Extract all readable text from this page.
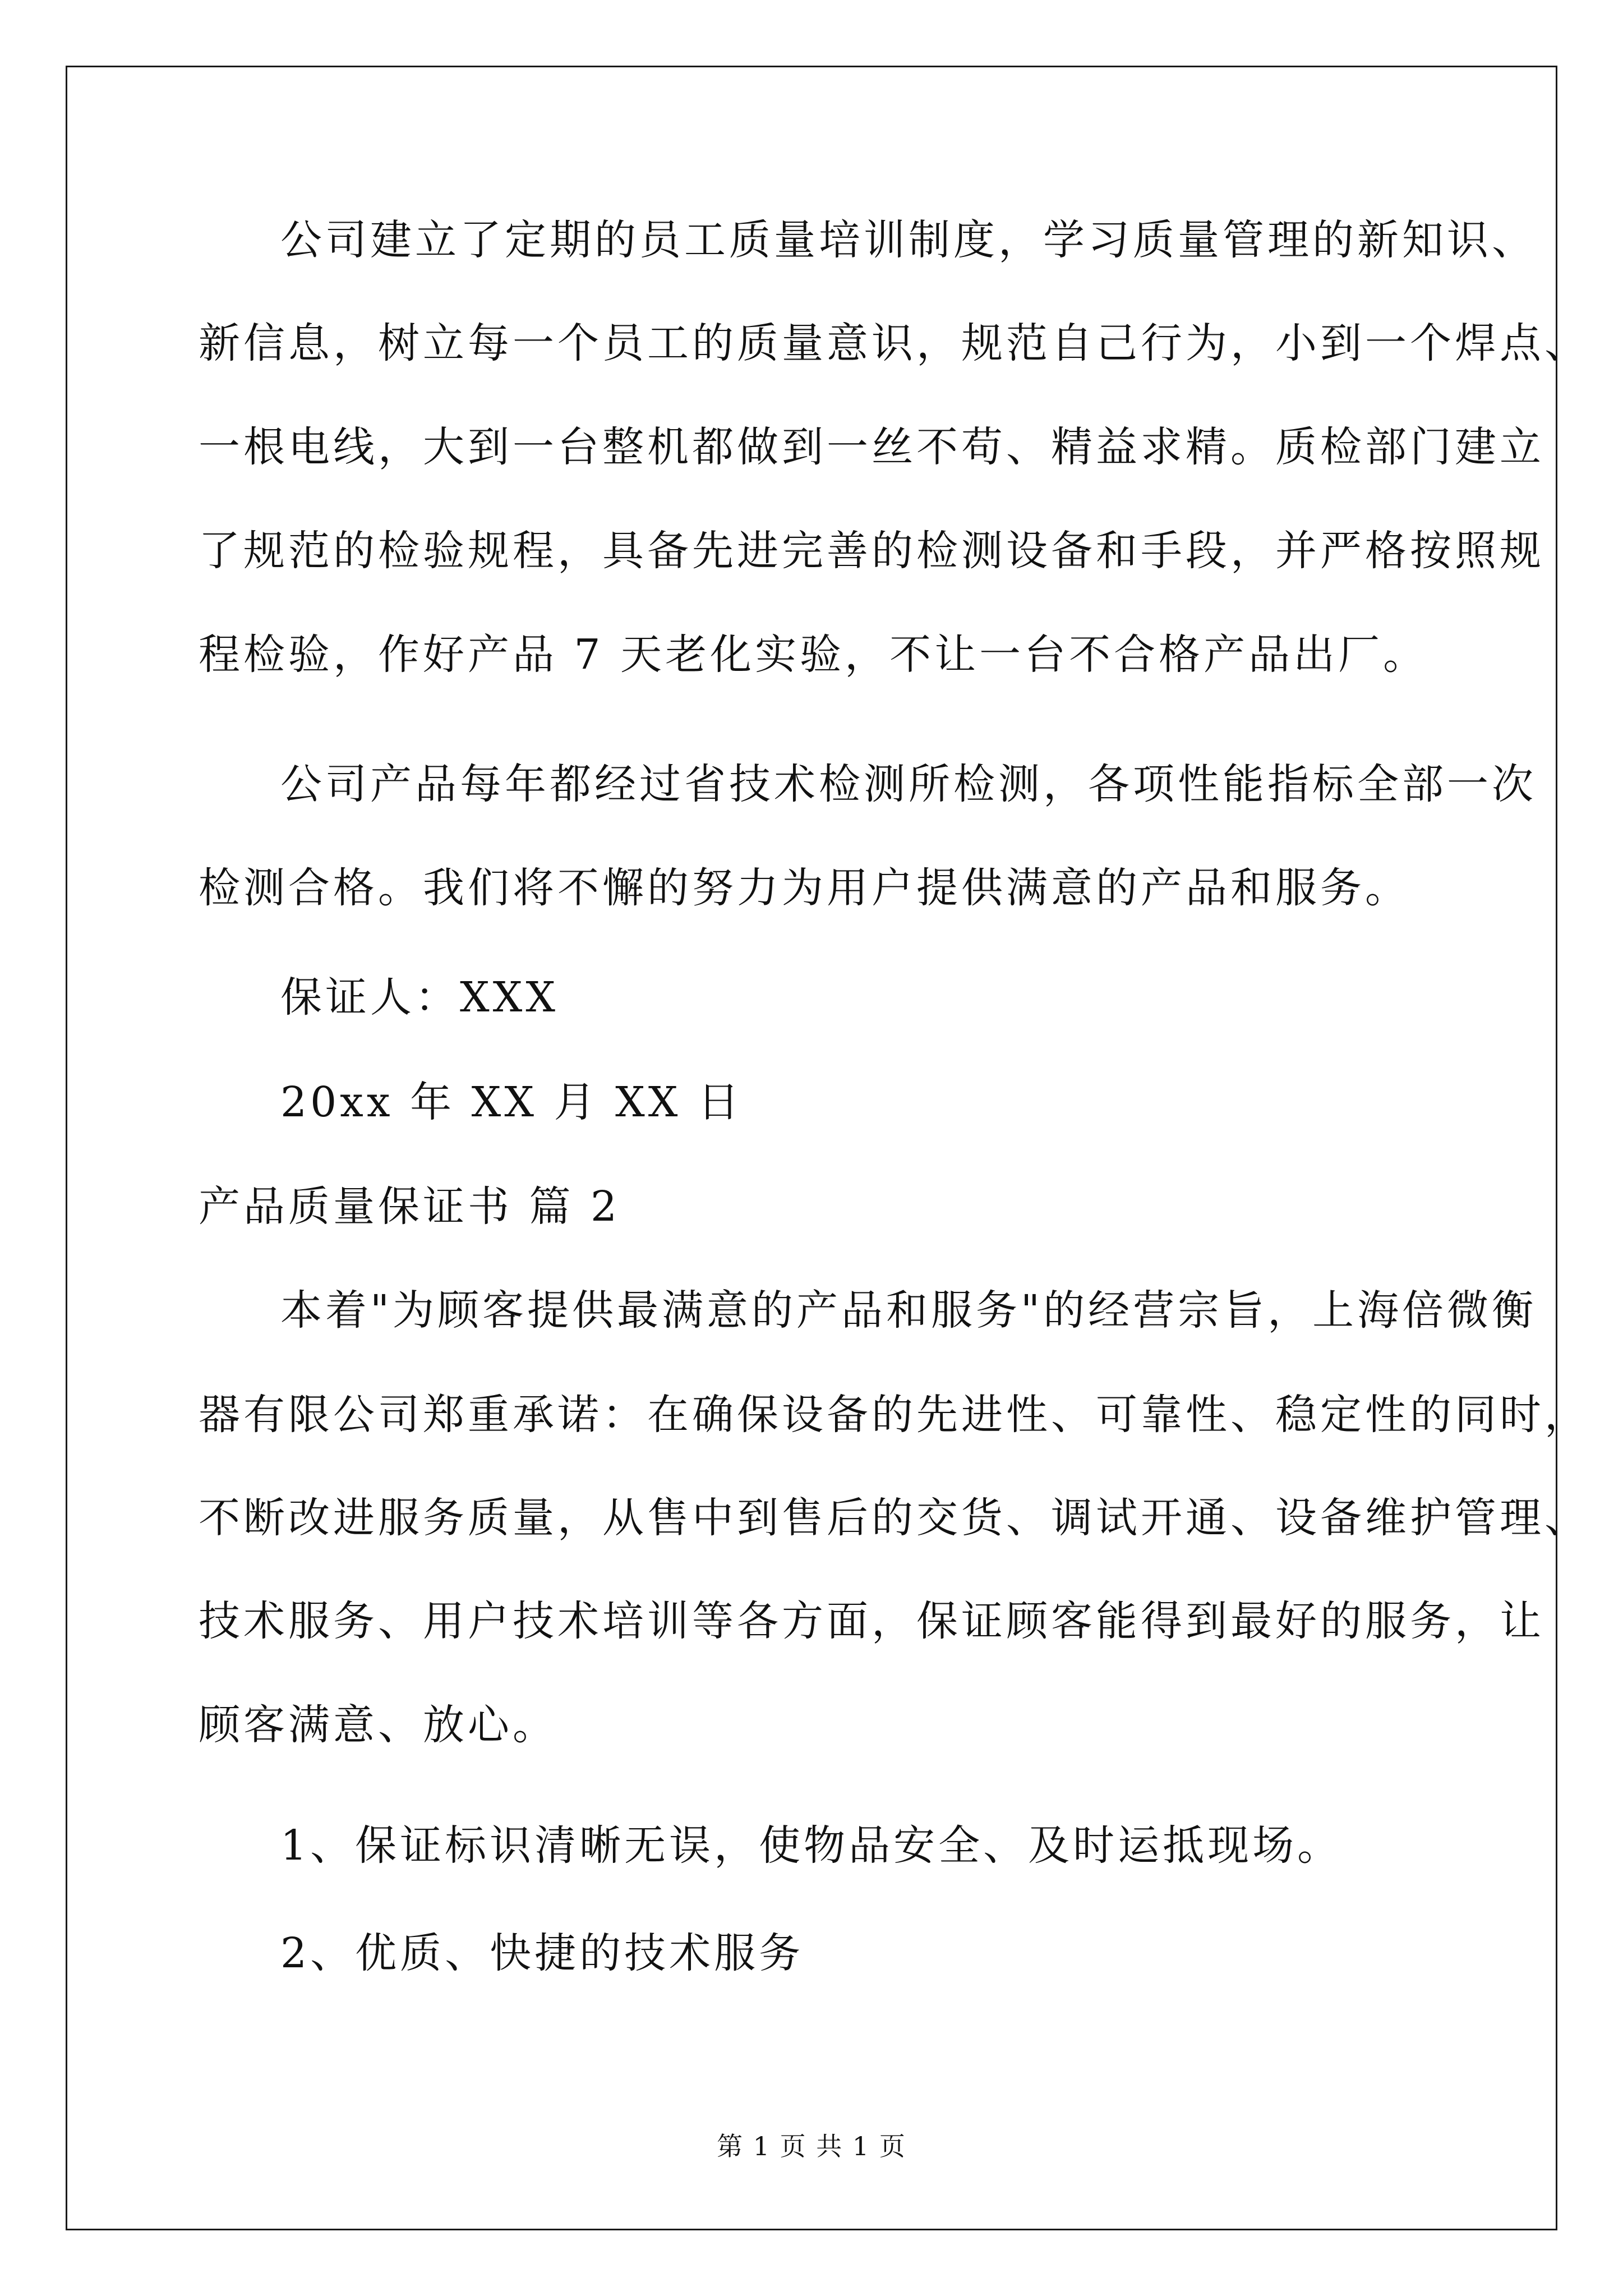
公司建立了定期的员工质量培训制度，学习质量管理的新知识、
新信息，树立每一个员工的质量意识，规范自己行为，小到一个焊点、
一根电线，大到一台整机都做到一丝不苟、精益求精。质检部门建立
了规范的检验规程，具备先进完善的检测设备和手段，并严格按照规
程检验，作好产品 7 天老化实验，不让一台不合格产品出厂。
公司产品每年都经过省技术检测所检测，各项性能指标全部一次
检测合格。我们将不懈的努力为用户提供满意的产品和服务。
保证人：XXX
20xx 年 XX 月 XX 日
产品质量保证书 篇 2
本着"为顾客提供最满意的产品和服务"的经营宗旨，上海倍微衡
器有限公司郑重承诺：在确保设备的先进性、可靠性、稳定性的同时，
不断改进服务质量，从售中到售后的交货、调试开通、设备维护管理、
技术服务、用户技术培训等各方面，保证顾客能得到最好的服务，让
顾客满意、放心。
1、保证标识清晰无误，使物品安全、及时运抵现场。
2、优质、快捷的技术服务
第 1 页 共 1 页
